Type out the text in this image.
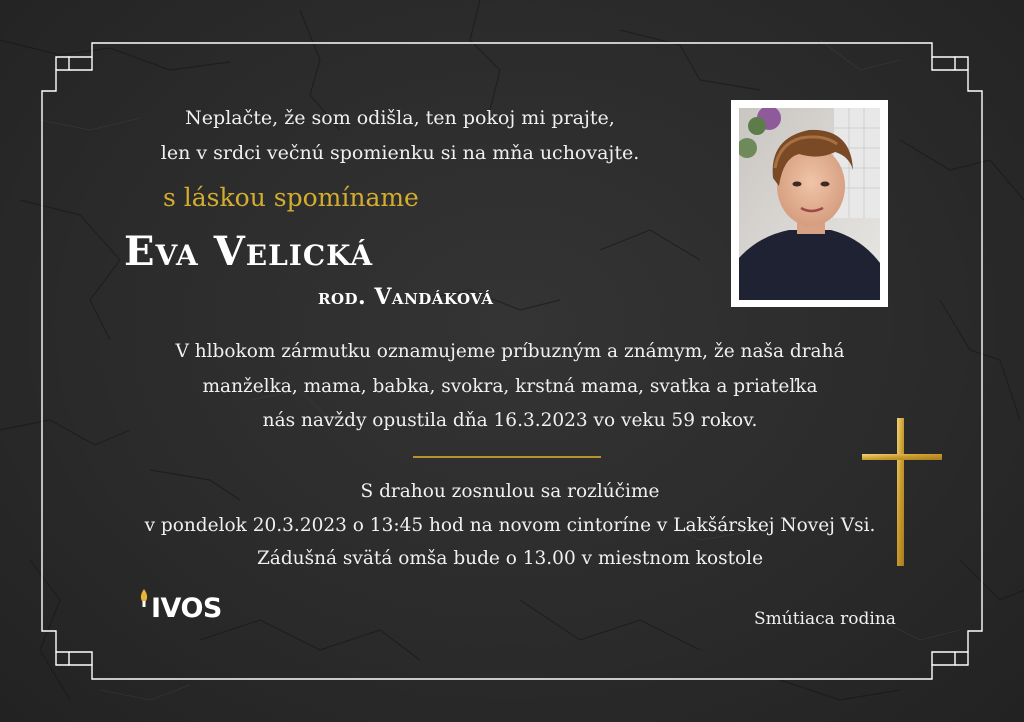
Neplačte, že som odišla, ten pokoj mi prajte,
len v srdci večnú spomienku si na mňa uchovajte.
s láskou spomíname
Eva Velická
rod. Vandáková
V hlbokom zármutku oznamujeme príbuzným a známym, že naša drahá
manželka, mama, babka, svokra, krstná mama, svatka a priateľka
nás navždy opustila dňa 16.3.2023 vo veku 59 rokov.
S drahou zosnulou sa rozlúčime
v pondelok 20.3.2023 o 13:45 hod na novom cintoríne v Lakšárskej Novej Vsi.
Zádušná svätá omša bude o 13.00 v miestnom kostole
IVOS	Smútiaca rodina
